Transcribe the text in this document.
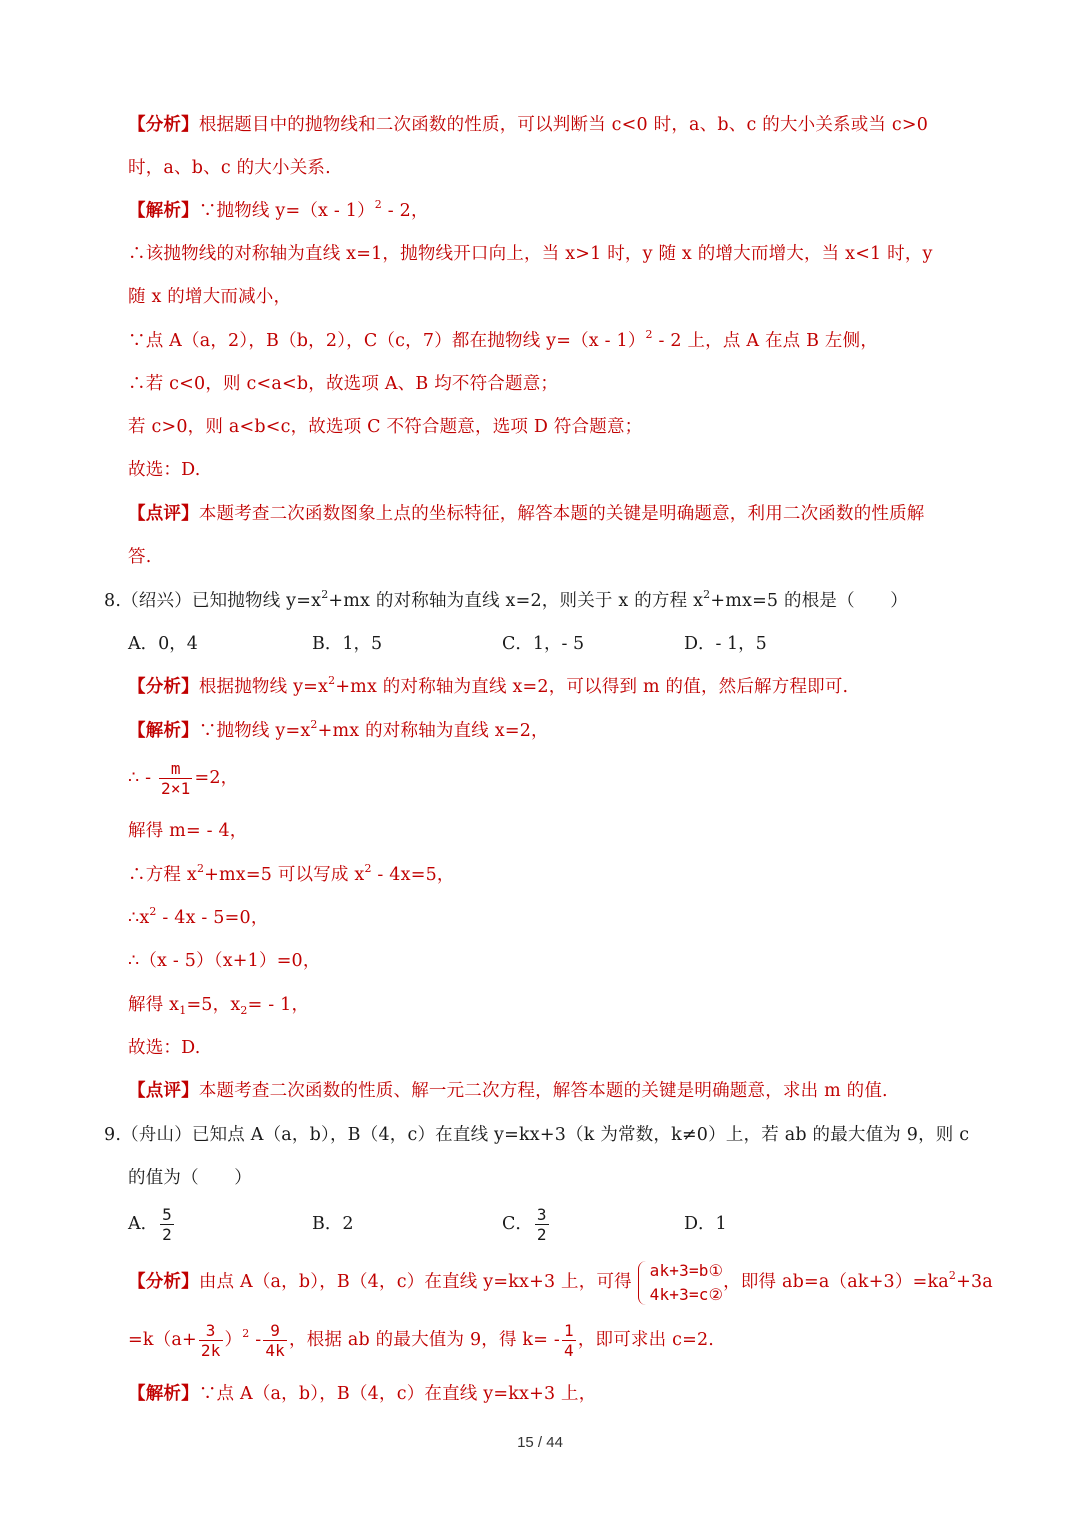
【分析】根据题目中的抛物线和二次函数的性质，可以判断当 c<0 时，a、b、c 的大小关系或当 c>0
时，a、b、c 的大小关系.
【解析】∵抛物线 y=（x - 1）$^2$ - 2，
∴该抛物线的对称轴为直线 x=1，抛物线开口向上，当 x>1 时，y 随 x 的增大而增大，当 x<1 时，y
随 x 的增大而减小，
∵点 A（a，2），B（b，2），C（c，7）都在抛物线 y=（x - 1）$^2$ - 2 上，点 A 在点 B 左侧，
∴若 c<0，则 c<a<b，故选项 A、B 均不符合题意；
若 c>0，则 a<b<c，故选项 C 不符合题意，选项 D 符合题意；
故选：D.
【点评】本题考查二次函数图象上点的坐标特征，解答本题的关键是明确题意，利用二次函数的性质解
答.
8.（绍兴）已知抛物线 $y=x^2+mx$ 的对称轴为直线 x=2，则关于 x 的方程 $x^2+mx=5$ 的根是（　　）
A．0，4	B．1，5	C．1，- 5	D．- 1，5
【分析】根据抛物线 $y=x^2+mx$ 的对称轴为直线 x=2，可以得到 m 的值，然后解方程即可.
【解析】∵抛物线 $y=x^2+mx$ 的对称轴为直线 x=2，
∴ - $\frac{m}{2\times 1} =2$，
解得 m= - 4，
∴方程 $x^2+mx=5$ 可以写成 $x^2 - 4x=5$，
$\therefore x^2 - 4x - 5=0$，
∴（x - 5）（x+1）=0，
解得 $x_1=5$，$x_2= - 1$，
故选：D.
【点评】本题考查二次函数的性质、解一元二次方程，解答本题的关键是明确题意，求出 m 的值.
9.（舟山）已知点 A（a，b），B（4，c）在直线 y=kx+3（k 为常数，k≠0）上，若 ab 的最大值为 9，则 c
的值为（　　）
A． $\frac{5}{2}$	B．2	C． $\frac{3}{2}$	D．1
【分析】由点 A（a，b），B（4，c）在直线 y=kx+3 上，可得
ak+3=b①
4k+3=c②
，即得 $ab=a(ak+3)=ka^2+3a$
$=k(a+ \frac{3}{2k} )^2 - \frac{9}{4k}$ ，根据 ab 的最大值为 9，得 $k= - \frac{1}{4}$ ，即可求出 c=2.
【解析】∵点 A（a，b），B（4，c）在直线 y=kx+3 上，
15 / 44
